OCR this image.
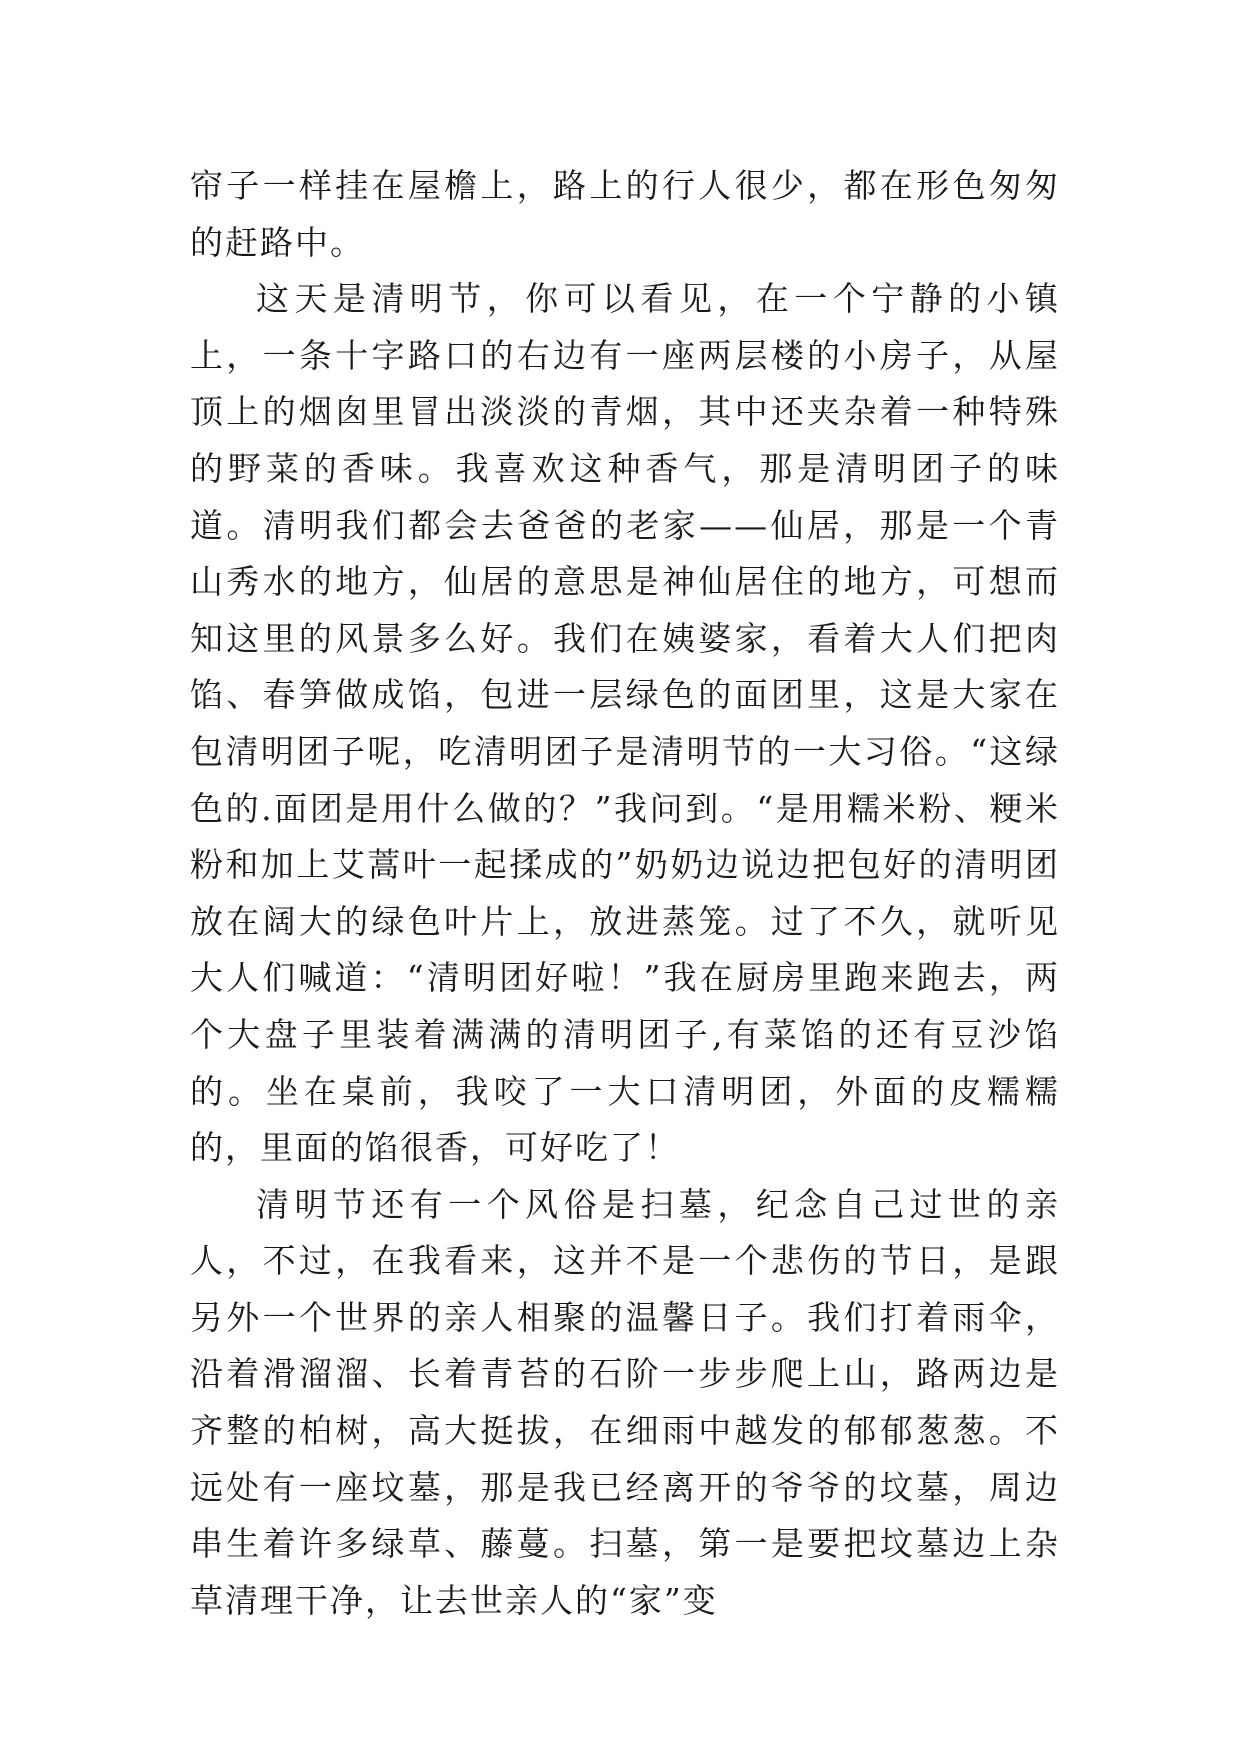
帘子一样挂在屋檐上，路上的行人很少，都在形色匆匆的赶路中。

这天是清明节，你可以看见，在一个宁静的小镇上，一条十字路口的右边有一座两层楼的小房子，从屋顶上的烟囱里冒出淡淡的青烟，其中还夹杂着一种特殊的野菜的香味。我喜欢这种香气，那是清明团子的味道。清明我们都会去爸爸的老家——仙居，那是一个青山秀水的地方，仙居的意思是神仙居住的地方，可想而知这里的风景多么好。我们在姨婆家，看着大人们把肉馅、春笋做成馅，包进一层绿色的面团里，这是大家在包清明团子呢，吃清明团子是清明节的一大习俗。“这绿色的.面团是用什么做的？”我问到。“是用糯米粉、粳米粉和加上艾蒿叶一起揉成的”奶奶边说边把包好的清明团放在阔大的绿色叶片上，放进蒸笼。过了不久，就听见大人们喊道：“清明团好啦！”我在厨房里跑来跑去，两个大盘子里装着满满的清明团子,有菜馅的还有豆沙馅的。坐在桌前，我咬了一大口清明团，外面的皮糯糯的，里面的馅很香，可好吃了！

清明节还有一个风俗是扫墓，纪念自己过世的亲人，不过，在我看来，这并不是一个悲伤的节日，是跟另外一个世界的亲人相聚的温馨日子。我们打着雨伞，沿着滑溜溜、长着青苔的石阶一步步爬上山，路两边是齐整的柏树，高大挺拔，在细雨中越发的郁郁葱葱。不远处有一座坟墓，那是我已经离开的爷爷的坟墓，周边串生着许多绿草、藤蔓。扫墓，第一是要把坟墓边上杂草清理干净，让去世亲人的“家”变
